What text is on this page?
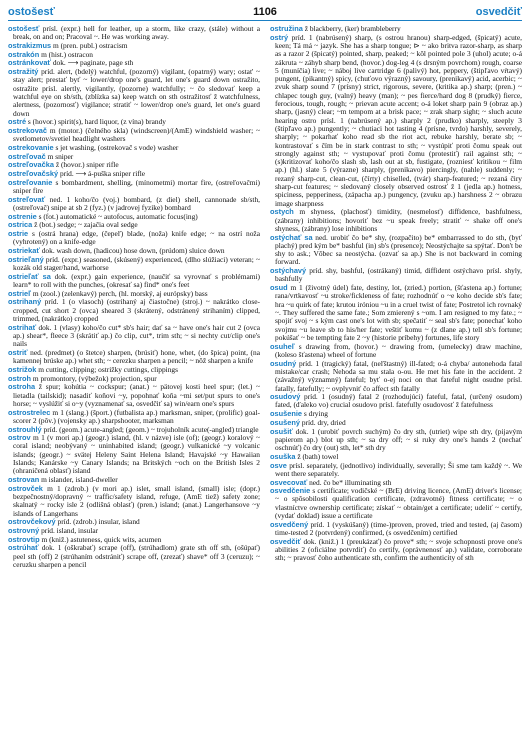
ostošesť	1106	osvedčiť

ostošesť prísl. (expr.) hell for leather, up a storm, like crazy, (stále) without a break, on and on; Pracoval ~. He was working away.

ostrakizmus m (pren. publ.) ostracism

ostrakón m (hist.) ostracon

ostránkovať dok. ⟶ paginate, page sth

ostražitý príd. alert, (bdelý) watchful, (pozorný) vigilant, (opatrný) wary; ostat' ~ stay alert; prestať byť ~ lower/drop one's guard, let one's guard down ostražito, ostražite prísl. alertly, vigilantly, (pozorne) watchfully; ~ čo sledovať keep a watchful eye on sb/sth, (zblízka sa) keep watch on sth ostražitosť ž watchfulness, alertness, (pozornosť) vigilance; stratiť ~ lower/drop one's guard, let one's guard down

ostré s (hovor.) spirit(s), hard liquor, (z vína) brandy

ostrekovač m (motor.) (čelného skla) (windscreen)/(AmE) windshield washer; ~ svetlometov/svetiel headlight washers

ostrekovanie s jet washing, (ostrekovač s vode) washer

ostreľovač m sniper

ostreľovačka ž (hovor.) sniper rifle

ostreľovačský príd. ⟶ á-puška sniper rifle

ostreľovanie s bombardment, shelling, (mínometmi) mortar fire, (ostreľovačmi) sniper fire

ostreľovať ned. 1 koho/čo (voj.) bombard, (z diel) shell, cannonade sb/sth, (ostreľovač) snipe at sb 2 (fyz.) (v jadrovej fyzike) bombard

ostrenie s (fot.) automatické ~ autofocus, automatic focus(ing)

ostrica ž (bot.) sedge; ~ zajačia oval sedge

ostrie s (ostrá hrana) edge, (čepeľ) blade, (noža) knife edge; ~ na ostrí noža (vyhrotený) on a knife-edge

ostriekať dok. wash down, (hadicou) hose down, (prúdom) sluice down

ostrieľaný príd. (expr.) seasoned, (skúsený) experienced, (dlho slúžiaci) veteran; ~ kozák old stager/hand, warhorse

ostrieľať sa dok. (expr.) gain experience, (naučiť sa vyrovnať s problémami) learn* to roll with the punches, (okresať sa) find* one's feet

ostrieľ m (zool.) (zelenkavý) perch, (hl. morský, aj európsky) bass

ostrihaný príd. 1 (o vlasoch) (ostrihaný aj čiastočne) (stroj.) ~ nakrátko close-cropped, cut short 2 (ovca) sheared 3 (skrátený, odstránený strihaním) clipped, trimmed, (nakrátko) cropped

ostrihať dok. 1 (vlasy) koho/čo cut* sb's hair; dať sa ~ have one's hair cut 2 (ovca ap.) shear*, fleece 3 (skrátiť ap.) čo clip, cut*, trim sth; ~ si nechty cut/clip one's nails

ostriť ned. (predmet) (o štetce) sharpen, (brúsiť) hone, whet, (do špica) point, (na kamennej brúske ap.) whet sth; ~ cerezku sharpen a pencil; ~ nôž sharpen a knife

ostrižok m cutting, clipping; ostrižky cuttings, clippings

ostroh m promontory, (výbežok) projection, spur

ostroha ž spur; kohútia ~ cockspur; (anat.) ~ pätovej kosti heel spur; (let.) ~ lietadla (tailskid); nasadiť koňovi ~y, popohnať koňa ~mi set/put spurs to one's horse; ~ vyslúžiť si o~y (vyznamenať sa, osvedčiť sa) win/earn one's spurs

ostrostrelec m 1 (slang.) (šport.) (futbalista ap.) marksman, sniper, (prolific) goal-scorer 2 (pôv.) (vojensky ap.) sharpshooter, marksman

ostrouhlý príd. (geom.) acute-angled; (geom.) ~ trojuholník acute(-angled) triangle

ostrov m 1 (v mori ap.) (geogr.) island, (hl. v názve) isle (of); (geogr.) koralový ~ coral island; neobývaný ~ uninhabited island; (geogr.) vulkanické ~y volcanic islands; (geogr.) ~ svätej Heleny Saint Helena Island; Havajské ~y Hawaiian Islands; Kanárske ~y Canary Islands; na Britských ~och on the British Isles 2 (ohraničená oblasť) island

ostrovan m islander, island-dweller

ostrovček m 1 (zdrob.) (v mori ap.) islet, small island, (small) isle; (dopr.) bezpečnostný/dopravný ~ traffic/safety island, refuge, (AmE tiež) safety zone; skalnatý ~ rocky isle 2 (odlišná oblasť) (pren.) island; (anat.) Langerhansove ~y islands of Langerhans

ostrovčekový príd. (zdrob.) insular, island

ostrovný príd. island, insular

ostrovtip m (kniž.) astuteness, quick wits, acumen

ostrúhať dok. 1 (oškrabať) scrape (off), (strúhadlom) grate sth off sth, (ošúpať) peel sth (off) 2 (strúhaním odstrániť) scrape off, (zrezať) shave* off 3 (ceruzu); ~ ceruzku sharpen a pencil

ostružina ž blackberry, (ker) brambleberry

ostrý príd. 1 (nabrúsený) sharp, (s ostrou hranou) sharp-edged, (špicatý) acute, keen; Tá má ~ jazyk. She has a sharp tongue; ⊳ ~ ako britva razor-sharp, as sharp as a razor 2 (špicatý) pointed, sharp, peaked; ~ kôl pointed pole 3 (uhol) acute; o-á zákruta ~ záhyb sharp bend, (hovor.) dog-leg 4 (s drsným povrchom) rough, coarse 5 (muníčia) live; ~ náboj live cartridge 6 (palivý) hot, peppery, (štipľavo vŕtavý) pungent, (pikantný) spicy, (chuťovo výrazný) savoury, (prenikavý) acid, acerbic; ~ zvuk sharp sound 7 (prísny) strict, rigorous, severe, (kritika ap.) sharp; (pren.) ~ chlapec tough guy, (valný) heavy (man); ~ pes fierce/hard dog 8 (prudký) fierce, ferocious, tough, rough; ~ prievan acute accent; o-á loket sharp pain 9 (obraz ap.) sharp, (jasný) clear; ~m tempom at a brisk pace; ~ zrak sharp sight; ~ sluch acute hearing ostro prísl. 1 (nabrúsený ap.) sharply 2 (prudko) sharply, steeply 3 (štipľavo ap.) pungently; ~ chutiaci hot tasting 4 (prísne, tvrdo) harshly, severely, sharply; ~ pokarhať koho read sb the riot act, rebuke harshly, berate sb; ~ kontrastovať s čím be in stark contrast to sth; ~ vystúpiť proti čomu speak out strongly against sth; ~ vystupovať proti čomu (protestiť) rail against sth; ~ (s)kritizovať koho/čo slash sb, lash out at sb, fustigate, (rozniesť kritikou ~ film ap.) (hl.) slate 5 (výrazne) sharply, (prenikavo) piercingly, (nahle) suddenly; ~ rezaný sharp-cut, clean-cut, (čírty) chiselled, (tvár) sharp-featured; ~ rezaná čiry sharp-cut features; ~ sledovaný closely observed ostrosť ž 1 (jedla ap.) hotness, spiciness, pepperiness, (zápacha ap.) pungency, (zvuku ap.) harshness 2 ~ obrazu image sharpness

ostych m shyness, (plachosť) timidity, (nesmelosť) diffidence, bashfulness, (zábrany) inhibitions; hovoriť bez ~u speak freely; stratiť ~ shake off one's shyness, (zábrany) lose inhibitions

ostýchať sa ned. urobiť čo be* shy, (rozpačito) be* embarrassed to do sth, (byť plachý) pred kým be* bashful (in) sb's (presence); Neostýchajte sa spýtať. Don't be shy to ask.; Vôbec sa neostýcha. (ozvať sa ap.) She is not backward in coming forward.

ostýchavý príd. shy, bashful, (ostrákaný) timid, diffident ostýchavo prísl. shyly, bashfully

osud m 1 (životný údel) fate, destiny, lot, (zried.) portion, (šťastena ap.) fortune; rana/vrtkavosť ~u stroke/fickleness of fate; rozhodnúť o ~e koho decide sb's fate; hra ~u quirk of fate; krutou iróniou ~u in a cruel twist of fate; Postretol ich rovnaký ~. They suffered the same fate.; Som zmierený s ~om. I am resigned to my fate.; ~ spojiť svoj ~ s kým cast one's lot with sb; spečatiť ~ seal sb's fate; ponechať koho svojmu ~u leave sb to his/her fate; veštiť komu ~ (z dlane ap.) tell sb's fortune; pokúšať ~ be tempting fate 2 ~y (historie príbehy) fortunes, life story

osuheľ s drawing from, (hovor.) ~ drawing from, (umelecky) draw machine, (koleso šťastena) wheel of fortune

osudný príd. 1 (tragický) fatal, (neľštastný) ill-fated; o-á chyba/ autonehoda fatal mistake/car crash; Nehoda sa mu stala o-ou. He met his fate in the accident. 2 (závažný) významný) fateful; byť o-ej noci on that fateful night osudne prísl. fatally, fatefully; ~ ovplyvniť čo affect sth fatally

osudový príd. 1 (osudný) fatal 2 (rozhodujúci) fateful, fatal, (určený osudom) fated, (ďaleko vo) crucial osudovo prísl. fatefully osudovosť ž fatefulness

osušenie s drying

osušený príd. dry, dried

osušiť dok. 1 (urobiť povrch suchým) čo dry sth, (utriet) wipe sth dry, (pijavým papierom ap.) blot up sth; ~ sa dry off; ~ si ruky dry one's hands 2 (nechať oschnúť) čo dry (out) sth, let* sth dry

osuška ž (bath) towel

osve prísl. separately, (jednotlivo) individually, severally; Ši sme tam každý ~. We went there separately.

osvecovať ned. čo be* illuminating sth

osvedčenie s certificate; vodičské ~ (BrE) driving licence, (AmE) driver's license; ~ o spôsobilosti qualification certificate, (zdravotné) fitness certificate; ~ o vlastníctve ownership certificate; získať ~ obtain/get a certificate; udeliť ~ certify, (vydať doklad) issue a certificate

osvedčený príd. 1 (vyskúšaný) (time-)proven, proved, tried and tested, (aj časom) time-tested 2 (potvrdený) confirmed, (s osvedčením) certified

osvedčiť dok. (kniž.) 1 (preukázať) čo prove* sth; ~ svoje schopnosti prove one's abilities 2 (oficiálne potvrdiť) čo certify, (oprávnenosť ap.) validate, corroborate sth; ~ pravosť čoho authenticate sth, confirm the authenticity of sth
